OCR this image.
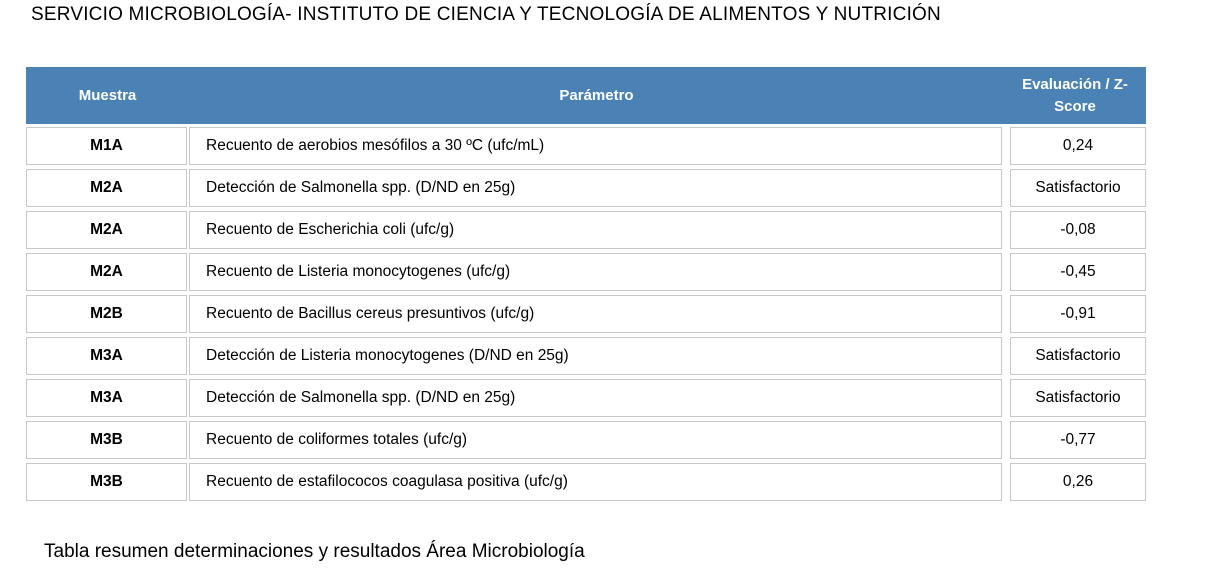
SERVICIO MICROBIOLOGÍA- INSTITUTO DE CIENCIA Y TECNOLOGÍA DE ALIMENTOS Y NUTRICIÓN
Muestra	Parámetro	Evaluación / Z-Score

M1A	Recuento de aerobios mesófilos a 30 ºC (ufc/mL)	0,24

M2A	Detección de Salmonella spp. (D/ND en 25g)	Satisfactorio

M2A	Recuento de Escherichia coli (ufc/g)	-0,08

M2A	Recuento de Listeria monocytogenes (ufc/g)	-0,45

M2B	Recuento de Bacillus cereus presuntivos (ufc/g)	-0,91

M3A	Detección de Listeria monocytogenes (D/ND en 25g)	Satisfactorio

M3A	Detección de Salmonella spp. (D/ND en 25g)	Satisfactorio

M3B	Recuento de coliformes totales (ufc/g)	-0,77

M3B	Recuento de estafilococos coagulasa positiva (ufc/g)	0,26
Tabla resumen determinaciones y resultados Área Microbiología
